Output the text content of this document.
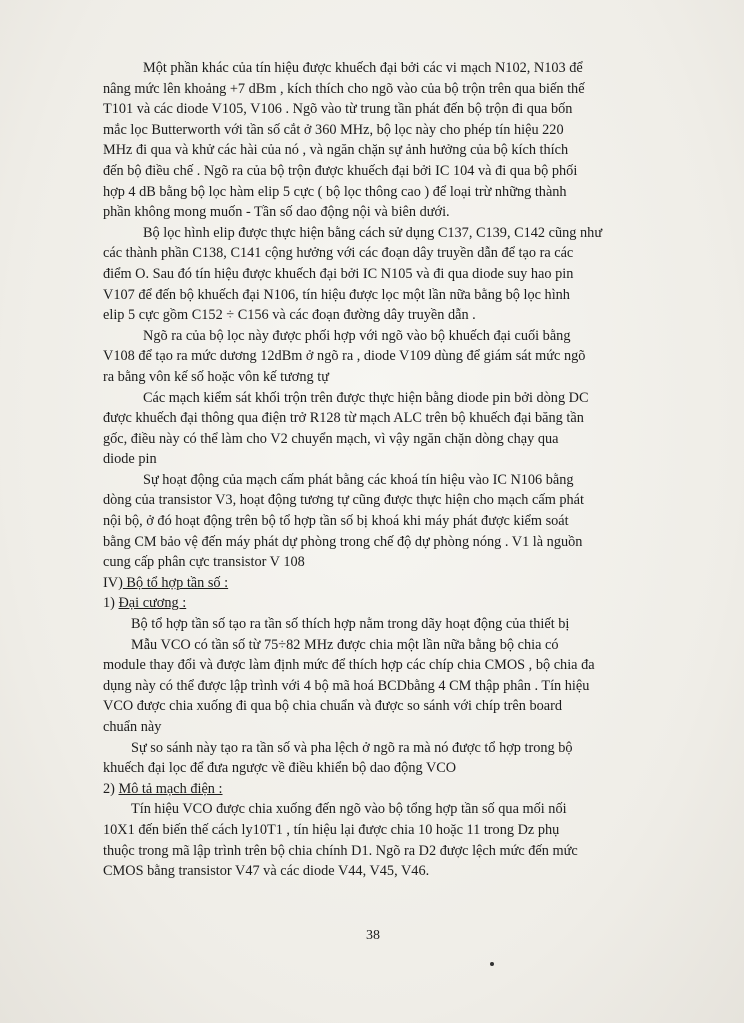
Một phần khác của tín hiệu được khuếch đại bởi các vi mạch N102, N103 để
nâng mức lên khoảng +7 dBm , kích thích cho ngõ vào của bộ trộn trên qua biến thế
T101 và các diode V105, V106 . Ngõ vào từ trung tần phát đến bộ trộn đi qua bốn
mắc lọc Butterworth với tần số cắt ở 360 MHz, bộ lọc này cho phép tín hiệu 220
MHz đi qua và khử các hài của nó , và ngăn chặn sự ảnh hưởng của bộ kích thích
đến bộ điều chế . Ngõ ra của bộ trộn được khuếch đại bởi IC 104 và đi qua bộ phối
hợp 4 dB bằng bộ lọc hàm elip 5 cực ( bộ lọc thông cao ) để loại trừ những thành
phần không mong muốn - Tần số dao động nội và biên dưới.

Bộ lọc hình elip được thực hiện bằng cách sử dụng C137, C139, C142 cũng như
các thành phần C138, C141 cộng hưởng với các đoạn dây truyền dẫn để tạo ra các
điểm O. Sau đó tín hiệu được khuếch đại bởi IC N105 và đi qua diode suy hao pin
V107 để đến bộ khuếch đại N106, tín hiệu được lọc một lần nữa bằng bộ lọc hình
elip 5 cực gồm C152 ÷ C156 và các đoạn đường dây truyền dẫn .

Ngõ ra của bộ lọc này được phối hợp với ngõ vào bộ khuếch đại cuối bằng
V108 để tạo ra mức dương 12dBm ở ngõ ra , diode V109 dùng để giám sát mức ngõ
ra bằng vôn kế số hoặc vôn kế tương tự

Các mạch kiểm sát khối trộn trên được thực hiện bằng diode pin bởi dòng DC
được khuếch đại thông qua điện trở R128 từ mạch ALC trên bộ khuếch đại băng tần
gốc, điều này có thể làm cho V2 chuyển mạch, vì vậy ngăn chặn dòng chạy qua
diode pin

Sự hoạt động của mạch cấm phát bằng các khoá tín hiệu vào IC N106 bằng
dòng của transistor V3, hoạt động tương tự cũng được thực hiện cho mạch cấm phát
nội bộ, ở đó hoạt động trên bộ tổ hợp tần số bị khoá khi máy phát được kiểm soát
bằng CM bảo vệ đến máy phát dự phòng trong chế độ dự phòng nóng . V1 là nguồn
cung cấp phân cực transistor V 108

IV) Bộ tổ hợp tần số :

1) Đại cương :

Bộ tổ hợp tần số tạo ra tần số thích hợp nằm trong dãy hoạt động của thiết bị
Mẫu VCO có tần số từ 75÷82 MHz được chia một lần nữa bằng bộ chia có
module thay đổi và được làm định mức để thích hợp các chíp chia CMOS , bộ chia đa
dụng này có thể được lập trình với 4 bộ mã hoá BCDbằng 4 CM thập phân . Tín hiệu
VCO được chia xuống đi qua bộ chia chuẩn và được so sánh với chíp trên board
chuẩn này

Sự so sánh này tạo ra tần số và pha lệch ở ngõ ra mà nó được tổ hợp trong bộ
khuếch đại lọc để đưa ngược về điều khiển bộ dao động VCO

2) Mô tả mạch điện :

Tín hiệu VCO được chia xuống đến ngõ vào bộ tổng hợp tần số qua mối nối
10X1 đến biến thế cách ly10T1 , tín hiệu lại được chia 10 hoặc 11 trong Dz phụ
thuộc trong mã lập trình trên bộ chia chính D1. Ngõ ra D2 được lệch mức đến mức
CMOS bằng transistor V47 và các diode V44, V45, V46.

38
